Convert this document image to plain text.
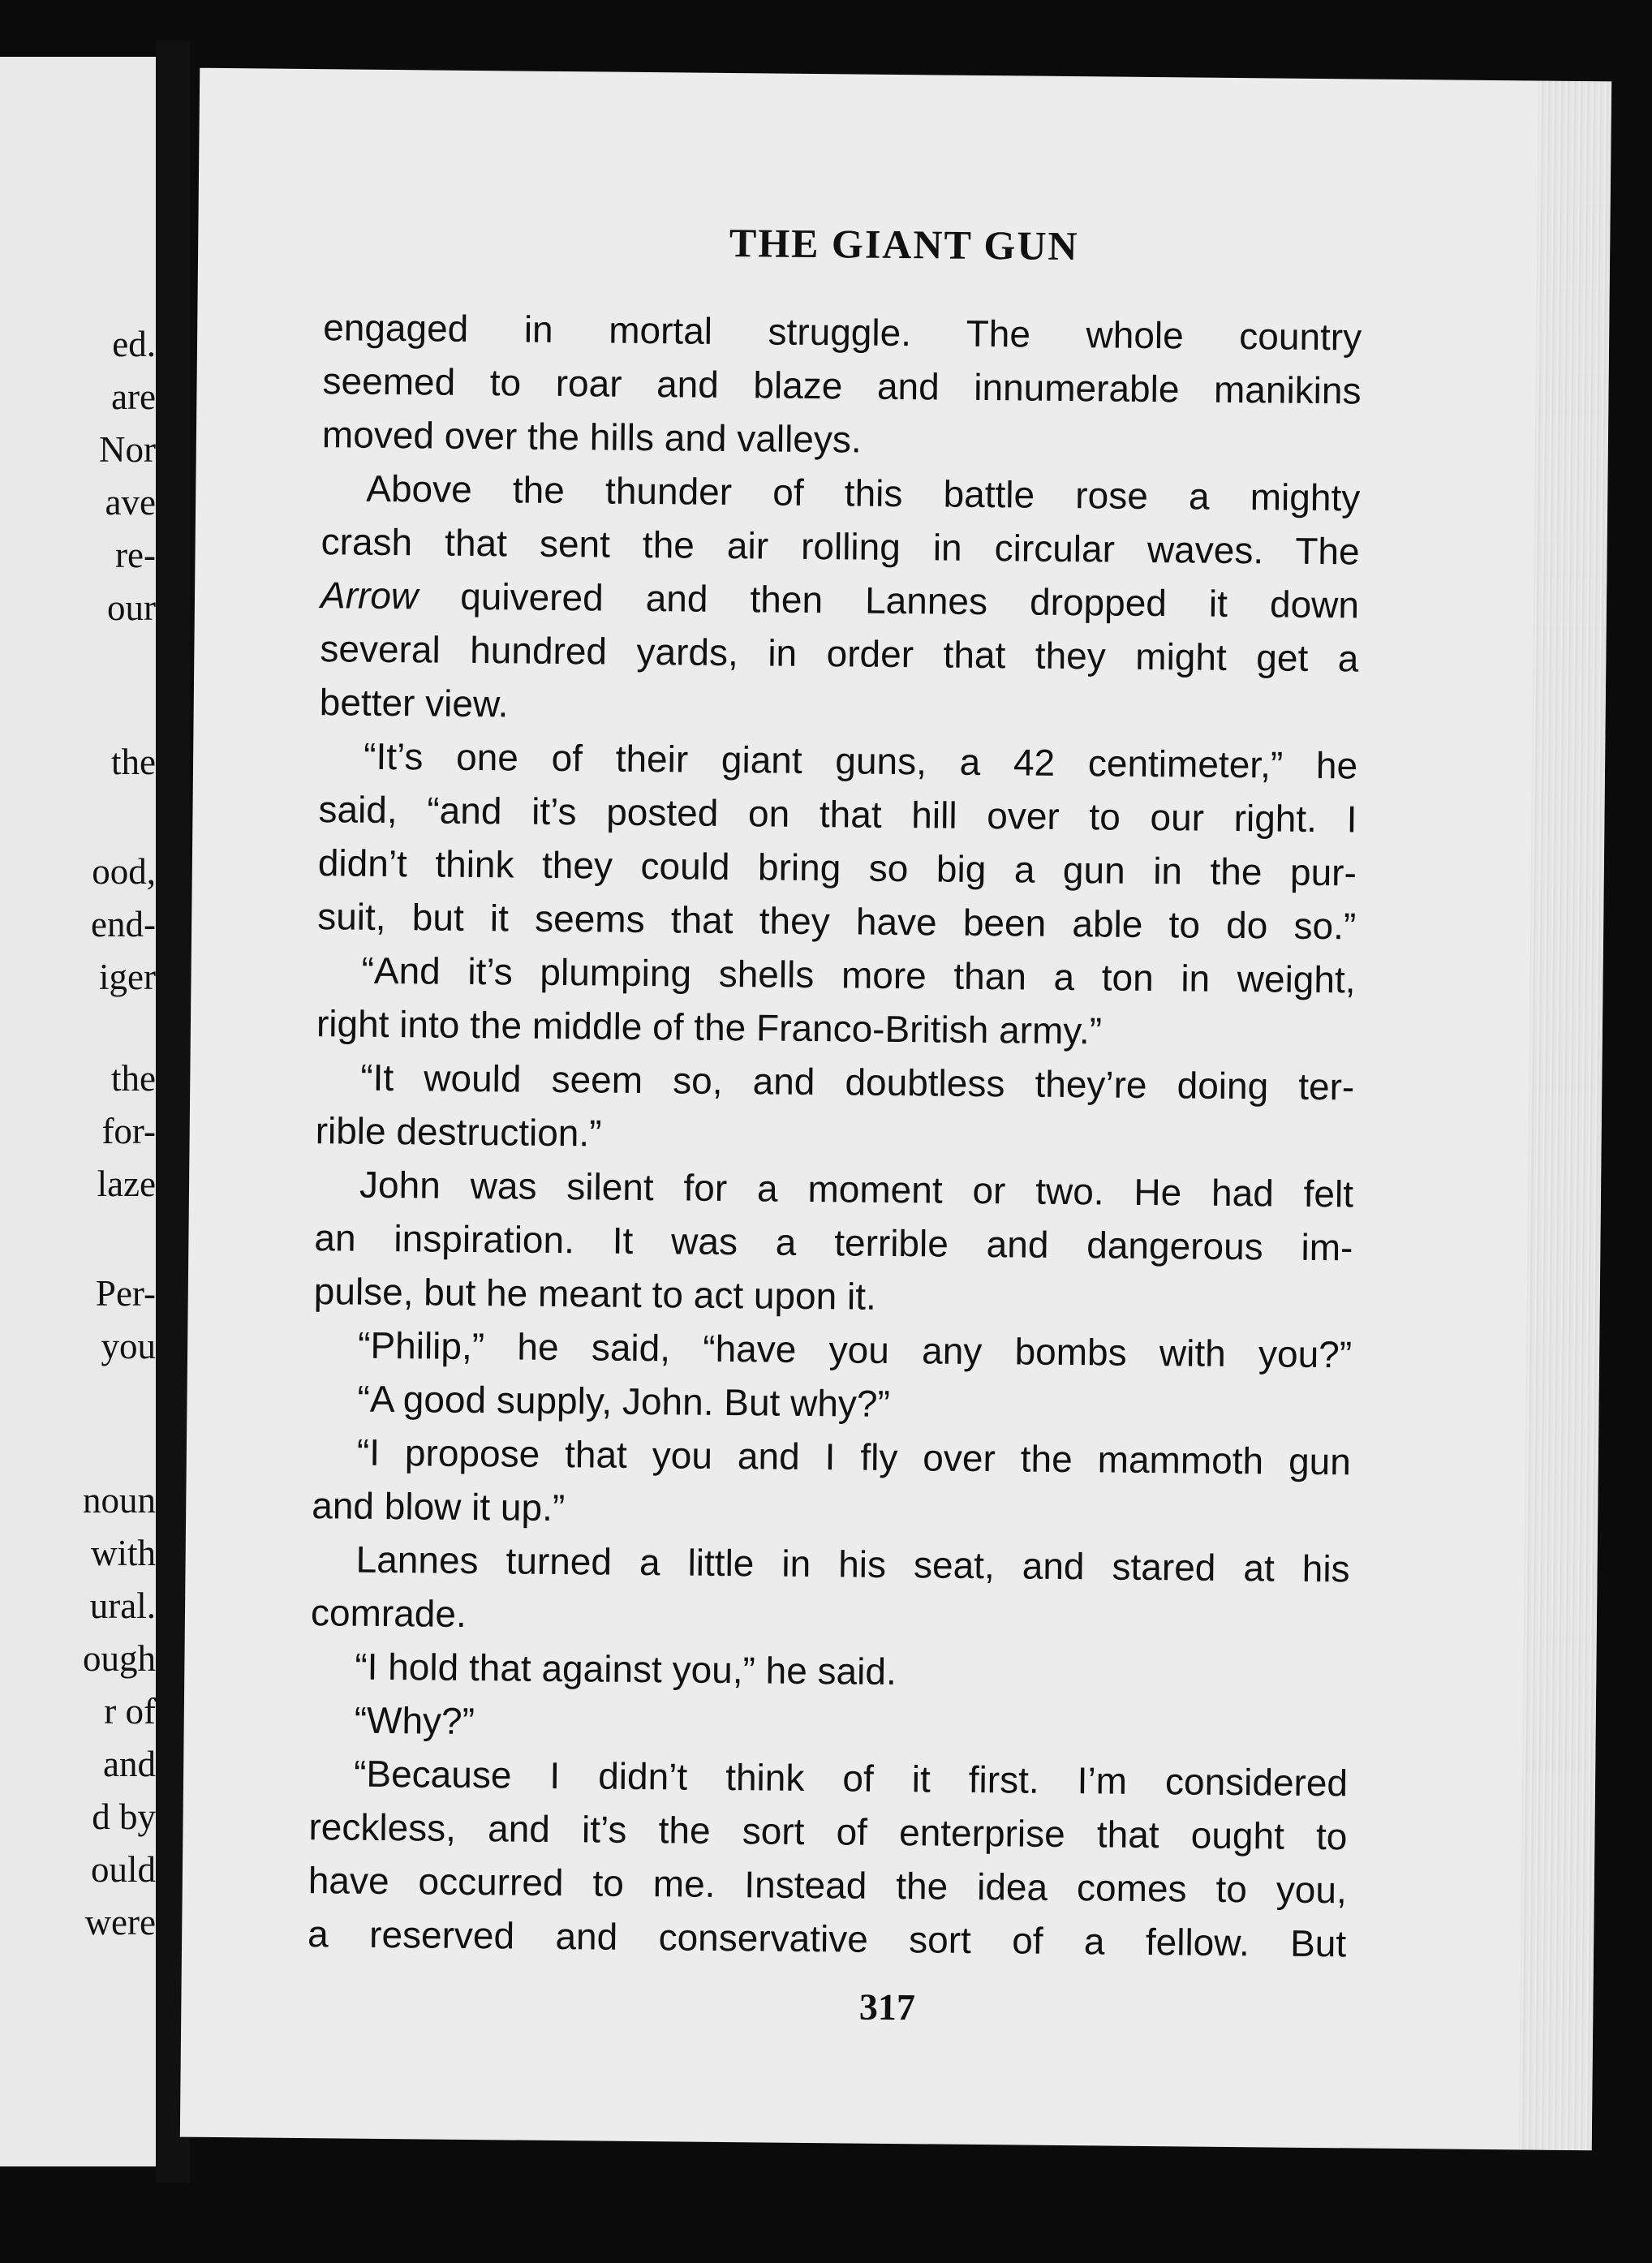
ed.
are
Nor
ave
re-
our
the
ood,
end-
iger
the
for-
laze
Per-
you
noun
with
ural.
ough
r of
and
d by
ould
were
THE GIANT GUN
engaged in mortal struggle. The whole country
seemed to roar and blaze and innumerable manikins
moved over the hills and valleys.
Above the thunder of this battle rose a mighty
crash that sent the air rolling in circular waves. The
Arrow quivered and then Lannes dropped it down
several hundred yards, in order that they might get a
better view.
“It’s one of their giant guns, a 42 centimeter,” he
said, “and it’s posted on that hill over to our right. I
didn’t think they could bring so big a gun in the pur-
suit, but it seems that they have been able to do so.”
“And it’s plumping shells more than a ton in weight,
right into the middle of the Franco-British army.”
“It would seem so, and doubtless they’re doing ter-
rible destruction.”
John was silent for a moment or two. He had felt
an inspiration. It was a terrible and dangerous im-
pulse, but he meant to act upon it.
“Philip,” he said, “have you any bombs with you?”
“A good supply, John. But why?”
“I propose that you and I fly over the mammoth gun
and blow it up.”
Lannes turned a little in his seat, and stared at his
comrade.
“I hold that against you,” he said.
“Why?”
“Because I didn’t think of it first. I’m considered
reckless, and it’s the sort of enterprise that ought to
have occurred to me. Instead the idea comes to you,
a reserved and conservative sort of a fellow. But
317
